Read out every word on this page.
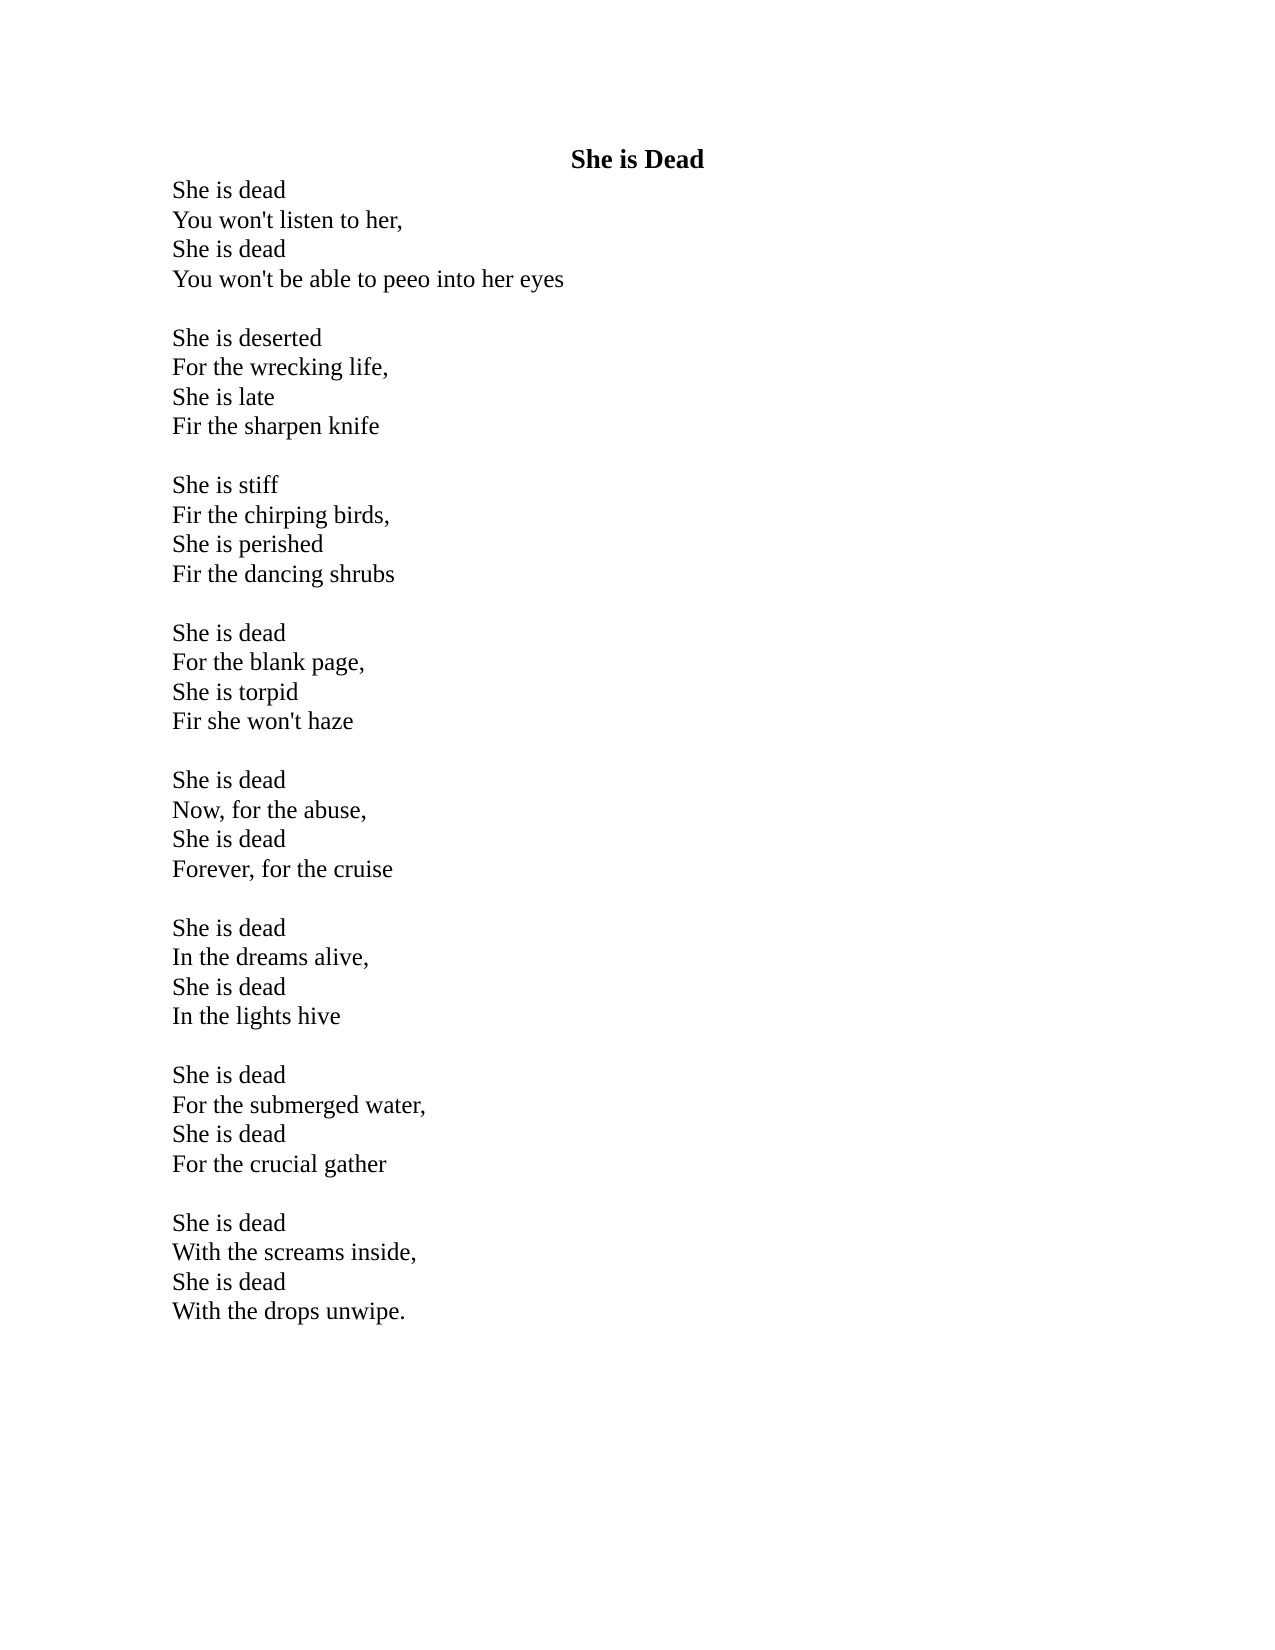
She is Dead

She is dead
You won't listen to her,
She is dead
You won't be able to peeo into her eyes

She is deserted
For the wrecking life,
She is late
Fir the sharpen knife

She is stiff
Fir the chirping birds,
She is perished
Fir the dancing shrubs

She is dead
For the blank page,
She is torpid
Fir she won't haze

She is dead
Now, for the abuse,
She is dead
Forever, for the cruise

She is dead
In the dreams alive,
She is dead
In the lights hive

She is dead
For the submerged water,
She is dead
For the crucial gather

She is dead
With the screams inside,
She is dead
With the drops unwipe.
